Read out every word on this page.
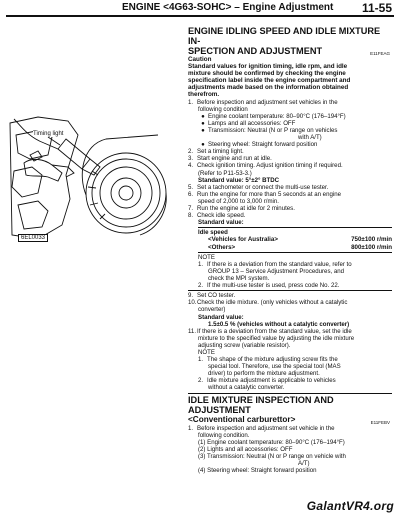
ENGINE <4G63-SOHC> – Engine Adjustment 11-55
Timing light
6EL0033
ENGINE IDLING SPEED AND IDLE MIXTURE IN-
SPECTION AND ADJUSTMENT	E11FEAG
Caution
Standard values for ignition timing, idle rpm, and idle
mixture should be confirmed by checking the engine
specification label inside the engine compartment and
adjustments made based on the information obtained
therefrom.
1. Before inspection and adjustment set vehicles in the
following condition
● Engine coolant temperature: 80–90°C (176–194°F)
● Lamps and all accessories: OFF
● Transmission: Neutral (N or P range on vehicles
with A/T)
● Steering wheel: Straight forward position
2. Set a timing light.
3. Start engine and run at idle.
4. Check ignition timing. Adjust ignition timing if required.
(Refer to P11-53-3.)
Standard value: 5°±2° BTDC
5. Set a tachometer or connect the multi-use tester.
6. Run the engine for more than 5 seconds at an engine
speed of 2,000 to 3,000 r/min.
7. Run the engine at idle for 2 minutes.
8. Check idle speed.
Standard value:
Idle speed
<Vehicles for Australia>	750±100 r/min
<Others>	800±100 r/min
NOTE
1. If there is a deviation from the standard value, refer to
GROUP 13 – Service Adjustment Procedures, and
check the MPI system.
2. If the multi-use tester is used, press code No. 22.
9. Set CO tester.
10.Check the idle mixture. (only vehicles without a catalytic
converter)
Standard value:
1.5±0.5 % (vehicles without a catalytic converter)
11.If there is a deviation from the standard value, set the idle
mixture to the specified value by adjusting the idle mixture
adjusting screw (variable resistor).
NOTE
1. The shape of the mixture adjusting screw fits the
special tool. Therefore, use the special tool (MAS
driver) to perform the mixture adjustment.
2. Idle mixture adjustment is applicable to vehicles
without a catalytic converter.
IDLE MIXTURE INSPECTION AND ADJUSTMENT
<Conventional carburettor>	E11FEBV
1. Before inspection and adjustment set vehicle in the
following condition.
(1) Engine coolant temperature: 80–90°C (176–194°F)
(2) Lights and all accessories: OFF
(3) Transmission: Neutral (N or P range on vehicle with
A/T)
(4) Steering wheel: Straight forward position
GalantVR4.org
